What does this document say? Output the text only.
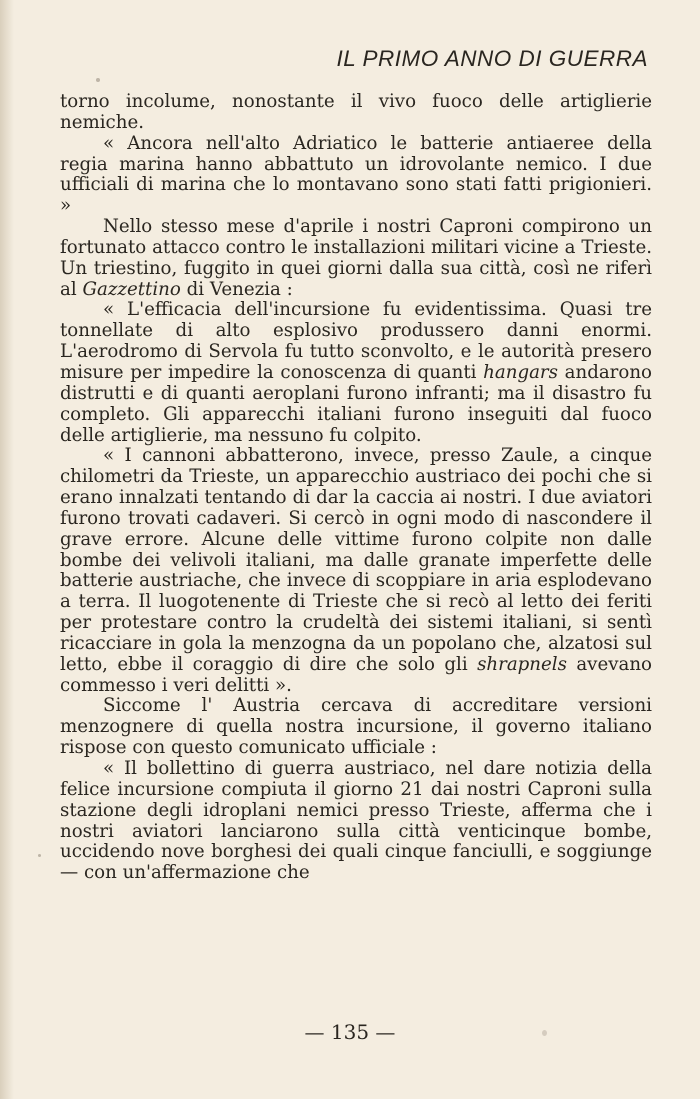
IL PRIMO ANNO DI GUERRA

torno incolume, nonostante il vivo fuoco delle artiglierie nemiche.

« Ancora nell'alto Adriatico le batterie antiaeree della regia marina hanno abbattuto un idrovolante nemico. I due ufficiali di marina che lo montavano sono stati fatti prigionieri. »

Nello stesso mese d'aprile i nostri Caproni compirono un fortunato attacco contro le installazioni militari vicine a Trieste. Un triestino, fuggito in quei giorni dalla sua città, così ne riferì al Gazzettino di Venezia :

« L'efficacia dell'incursione fu evidentissima. Quasi tre tonnellate di alto esplosivo produssero danni enormi. L'aerodromo di Servola fu tutto sconvolto, e le autorità presero misure per impedire la conoscenza di quanti hangars andarono distrutti e di quanti aeroplani furono infranti; ma il disastro fu completo. Gli apparecchi italiani furono inseguiti dal fuoco delle artiglierie, ma nessuno fu colpito.

« I cannoni abbatterono, invece, presso Zaule, a cinque chilometri da Trieste, un apparecchio austriaco dei pochi che si erano innalzati tentando di dar la caccia ai nostri. I due aviatori furono trovati cadaveri. Si cercò in ogni modo di nascondere il grave errore. Alcune delle vittime furono colpite non dalle bombe dei velivoli italiani, ma dalle granate imperfette delle batterie austriache, che invece di scoppiare in aria esplodevano a terra. Il luogotenente di Trieste che si recò al letto dei feriti per protestare contro la crudeltà dei sistemi italiani, si sentì ricacciare in gola la menzogna da un popolano che, alzatosi sul letto, ebbe il coraggio di dire che solo gli shrapnels avevano commesso i veri delitti ».

Siccome l' Austria cercava di accreditare versioni menzognere di quella nostra incursione, il governo italiano rispose con questo comunicato ufficiale :

« Il bollettino di guerra austriaco, nel dare notizia della felice incursione compiuta il giorno 21 dai nostri Caproni sulla stazione degli idroplani nemici presso Trieste, afferma che i nostri aviatori lanciarono sulla città venticinque bombe, uccidendo nove borghesi dei quali cinque fanciulli, e soggiunge — con un'affermazione che

— 135 —
